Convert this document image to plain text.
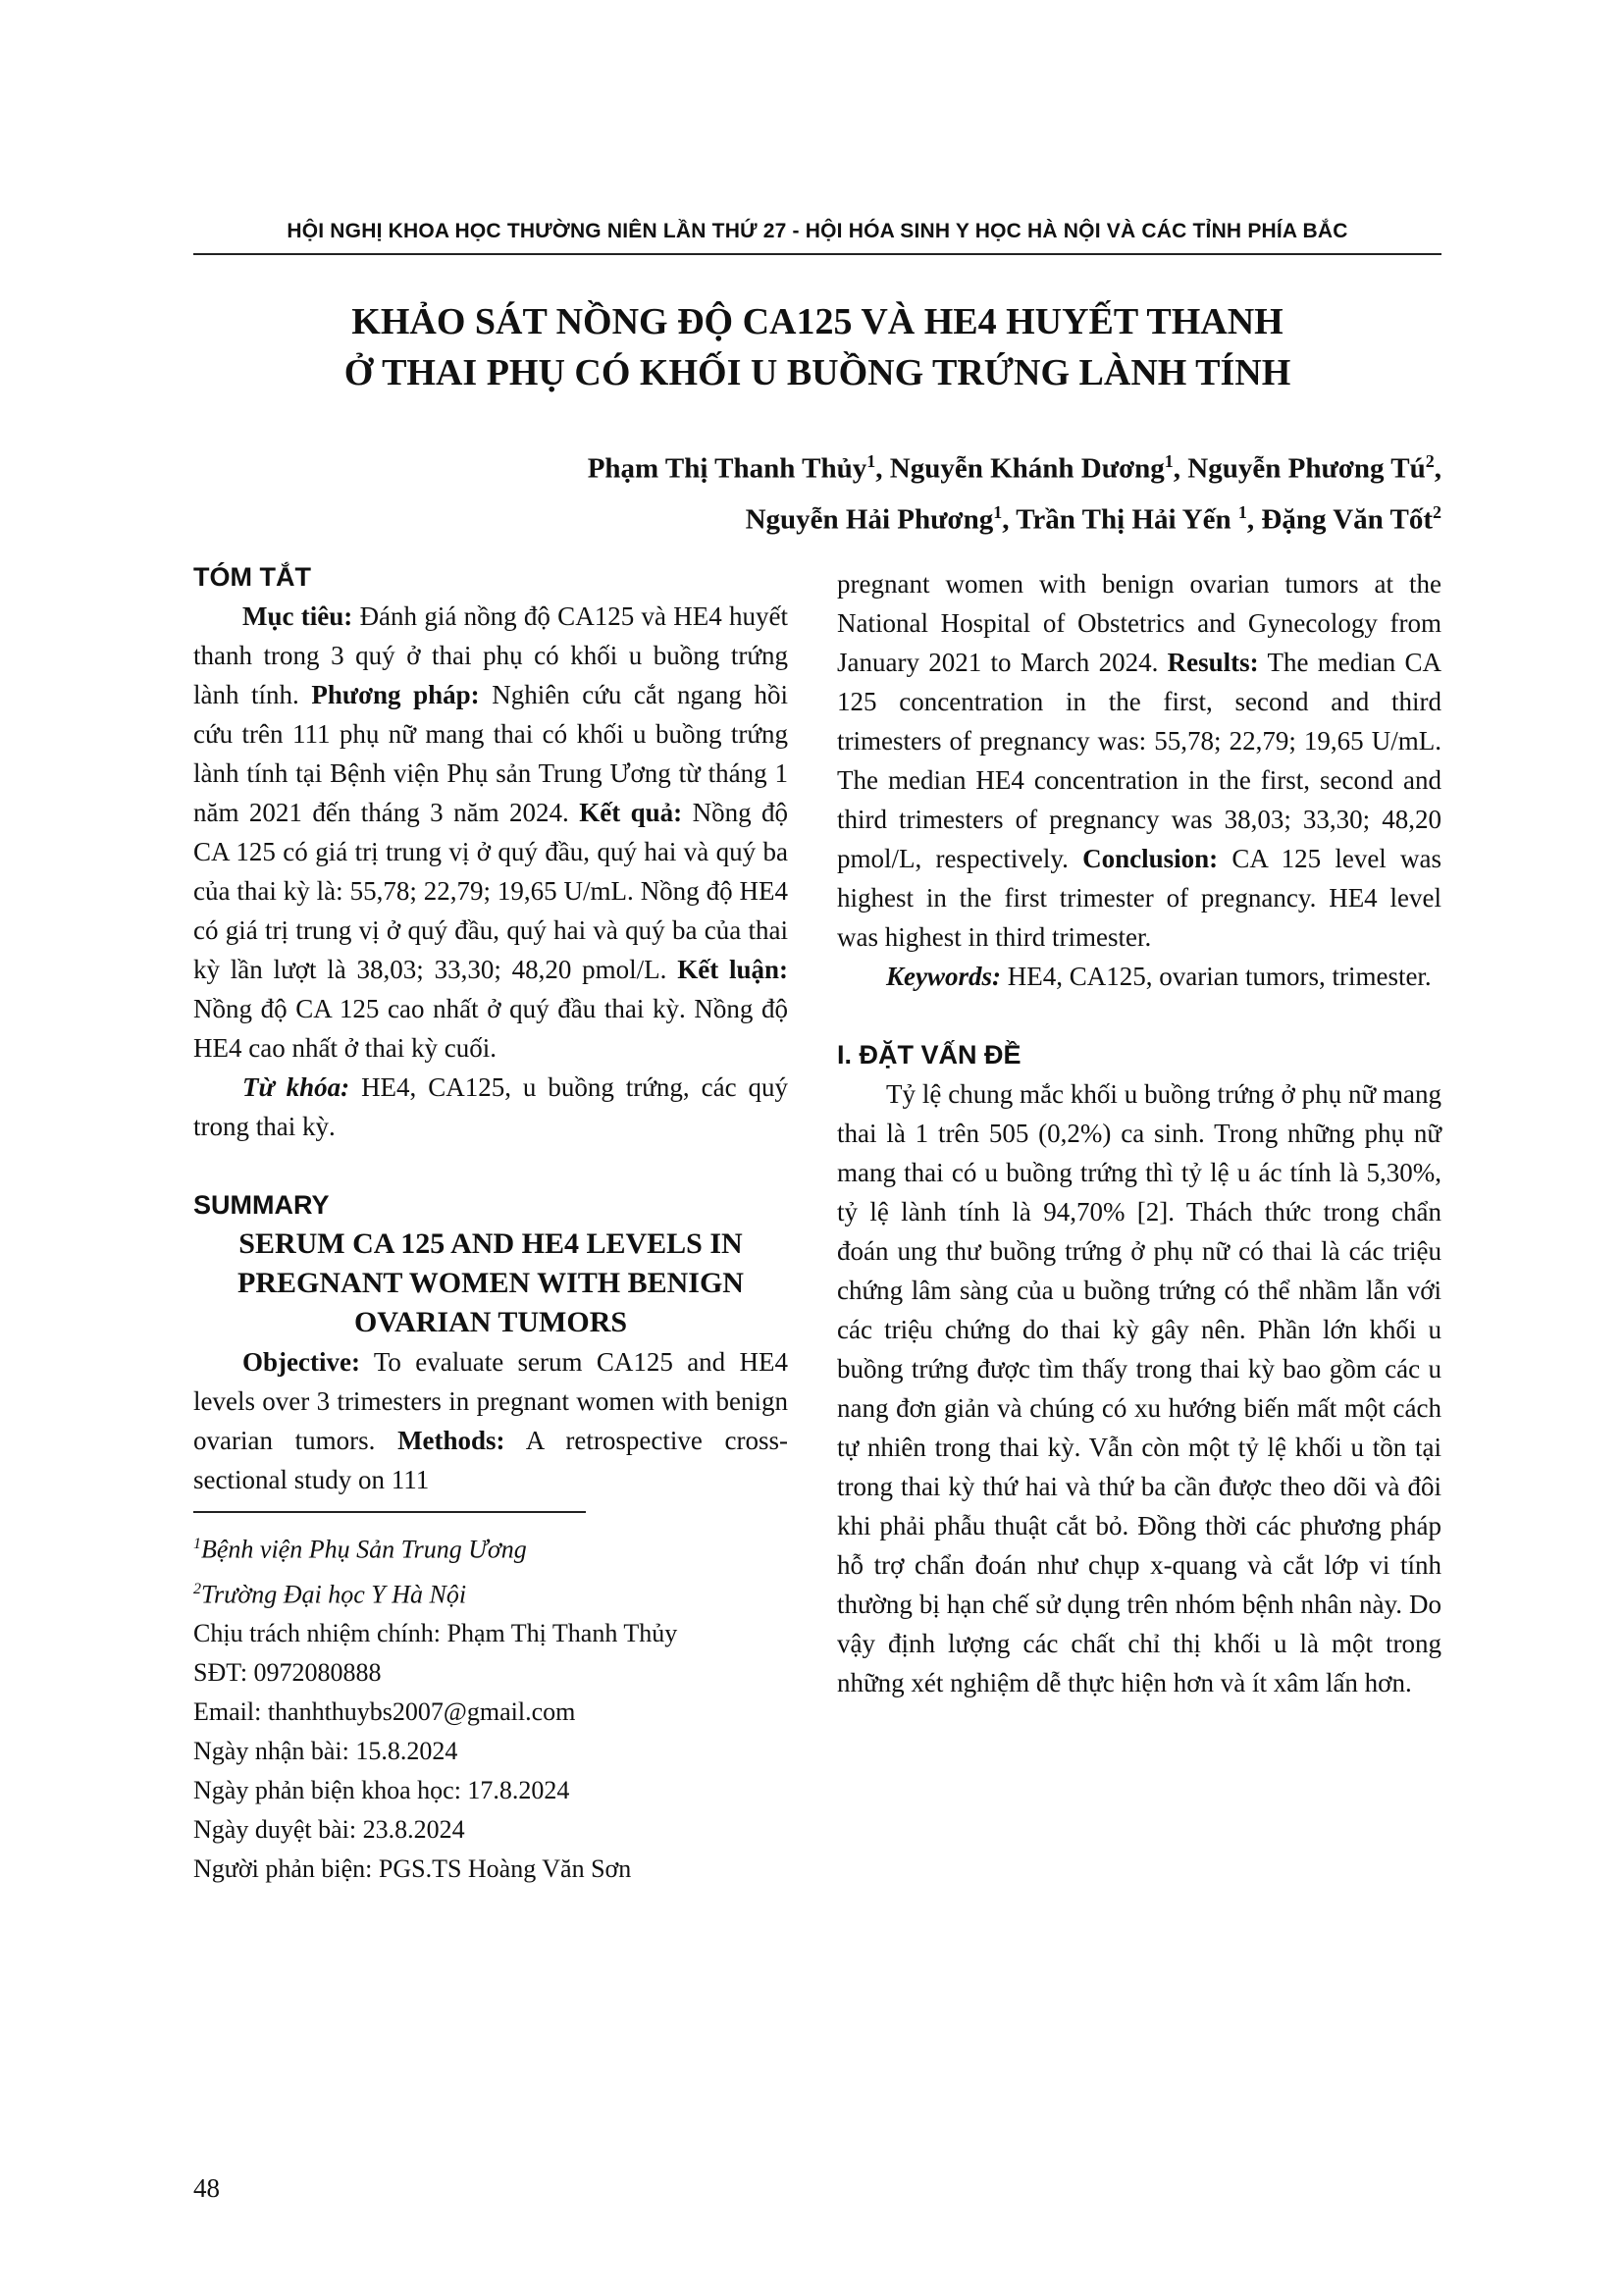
HỘI NGHỊ KHOA HỌC THƯỜNG NIÊN LẦN THỨ 27 - HỘI HÓA SINH Y HỌC HÀ NỘI VÀ CÁC TỈNH PHÍA BẮC
KHẢO SÁT NỒNG ĐỘ CA125 VÀ HE4 HUYẾT THANH
Ở THAI PHỤ CÓ KHỐI U BUỒNG TRỨNG LÀNH TÍNH
Phạm Thị Thanh Thủy$^1$, Nguyễn Khánh Dương$^1$, Nguyễn Phương $Tú^2$,
Nguyễn Hải Phương$^1$, Trần Thị Hải Yến $^1$, Đặng Văn Tốt$^2$

TÓM TẮT

Mục tiêu: Đánh giá nồng độ CA125 và HE4 huyết thanh trong 3 quý ở thai phụ có khối u buồng trứng lành tính. Phương pháp: Nghiên cứu cắt ngang hồi cứu trên 111 phụ nữ mang thai có khối u buồng trứng lành tính tại Bệnh viện Phụ sản Trung Ương từ tháng 1 năm 2021 đến tháng 3 năm 2024. Kết quả: Nồng độ CA 125 có giá trị trung vị ở quý đầu, quý hai và quý ba của thai kỳ là: 55,78; 22,79; 19,65 U/mL. Nồng độ HE4 có giá trị trung vị ở quý đầu, quý hai và quý ba của thai kỳ lần lượt là 38,03; 33,30; 48,20 pmol/L. Kết luận: Nồng độ CA 125 cao nhất ở quý đầu thai kỳ. Nồng độ HE4 cao nhất ở thai kỳ cuối.

Từ khóa: HE4, CA125, u buồng trứng, các quý trong thai kỳ.

SUMMARY

SERUM CA 125 AND HE4 LEVELS IN

PREGNANT WOMEN WITH BENIGN

OVARIAN TUMORS

Objective: To evaluate serum CA125 and HE4 levels over 3 trimesters in pregnant women with benign ovarian tumors. Methods: A retrospective cross-sectional study on 111

$^1$Bệnh viện Phụ Sản Trung Ương

$^2$Trường Đại học Y Hà Nội

Chịu trách nhiệm chính: Phạm Thị Thanh Thủy

SĐT: 0972080888

Email: thanhthuybs2007@gmail.com

Ngày nhận bài: 15.8.2024

Ngày phản biện khoa học: 17.8.2024

Ngày duyệt bài: 23.8.2024

Người phản biện: PGS.TS Hoàng Văn Sơn

pregnant women with benign ovarian tumors at the National Hospital of Obstetrics and Gynecology from January 2021 to March 2024. Results: The median CA 125 concentration in the first, second and third trimesters of pregnancy was: 55,78; 22,79; 19,65 U/mL. The median HE4 concentration in the first, second and third trimesters of pregnancy was 38,03; 33,30; 48,20 pmol/L, respectively. Conclusion: CA 125 level was highest in the first trimester of pregnancy. HE4 level was highest in third trimester.

Keywords: HE4, CA125, ovarian tumors, trimester.

I. ĐẶT VẤN ĐỀ

Tỷ lệ chung mắc khối u buồng trứng ở phụ nữ mang thai là 1 trên 505 (0,2%) ca sinh. Trong những phụ nữ mang thai có u buồng trứng thì tỷ lệ u ác tính là 5,30%, tỷ lệ lành tính là 94,70% [2]. Thách thức trong chẩn đoán ung thư buồng trứng ở phụ nữ có thai là các triệu chứng lâm sàng của u buồng trứng có thể nhầm lẫn với các triệu chứng do thai kỳ gây nên. Phần lớn khối u buồng trứng được tìm thấy trong thai kỳ bao gồm các u nang đơn giản và chúng có xu hướng biến mất một cách tự nhiên trong thai kỳ. Vẫn còn một tỷ lệ khối u tồn tại trong thai kỳ thứ hai và thứ ba cần được theo dõi và đôi khi phải phẫu thuật cắt bỏ. Đồng thời các phương pháp hỗ trợ chẩn đoán như chụp x-quang và cắt lớp vi tính thường bị hạn chế sử dụng trên nhóm bệnh nhân này. Do vậy định lượng các chất chỉ thị khối u là một trong những xét nghiệm dễ thực hiện hơn và ít xâm lấn hơn.

48
